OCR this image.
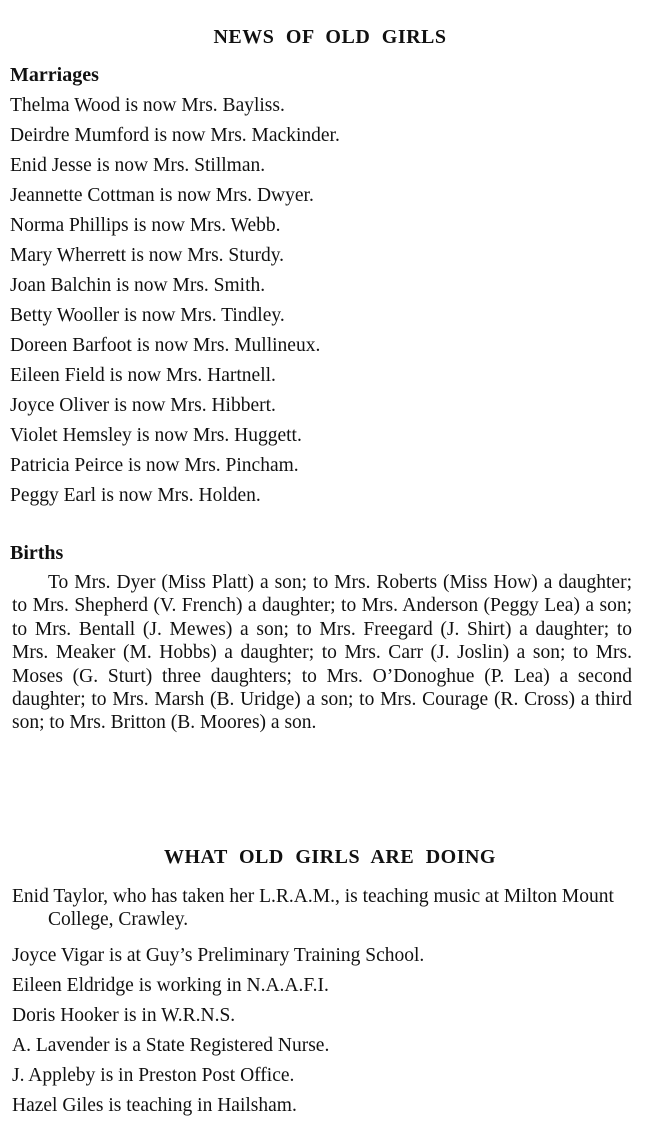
NEWS OF OLD GIRLS
Marriages
Thelma Wood is now Mrs. Bayliss.
Deirdre Mumford is now Mrs. Mackinder.
Enid Jesse is now Mrs. Stillman.
Jeannette Cottman is now Mrs. Dwyer.
Norma Phillips is now Mrs. Webb.
Mary Wherrett is now Mrs. Sturdy.
Joan Balchin is now Mrs. Smith.
Betty Wooller is now Mrs. Tindley.
Doreen Barfoot is now Mrs. Mullineux.
Eileen Field is now Mrs. Hartnell.
Joyce Oliver is now Mrs. Hibbert.
Violet Hemsley is now Mrs. Huggett.
Patricia Peirce is now Mrs. Pincham.
Peggy Earl is now Mrs. Holden.
Births
To Mrs. Dyer (Miss Platt) a son; to Mrs. Roberts (Miss How) a daughter; to Mrs. Shepherd (V. French) a daughter; to Mrs. Anderson (Peggy Lea) a son; to Mrs. Bentall (J. Mewes) a son; to Mrs. Freegard (J. Shirt) a daughter; to Mrs. Meaker (M. Hobbs) a daughter; to Mrs. Carr (J. Joslin) a son; to Mrs. Moses (G. Sturt) three daughters; to Mrs. O’Donoghue (P. Lea) a second daughter; to Mrs. Marsh (B. Uridge) a son; to Mrs. Courage (R. Cross) a third son; to Mrs. Britton (B. Moores) a son.
WHAT OLD GIRLS ARE DOING
Enid Taylor, who has taken her L.R.A.M., is teaching music at Milton Mount College, Crawley.
Joyce Vigar is at Guy’s Preliminary Training School.
Eileen Eldridge is working in N.A.A.F.I.
Doris Hooker is in W.R.N.S.
A. Lavender is a State Registered Nurse.
J. Appleby is in Preston Post Office.
Hazel Giles is teaching in Hailsham.
